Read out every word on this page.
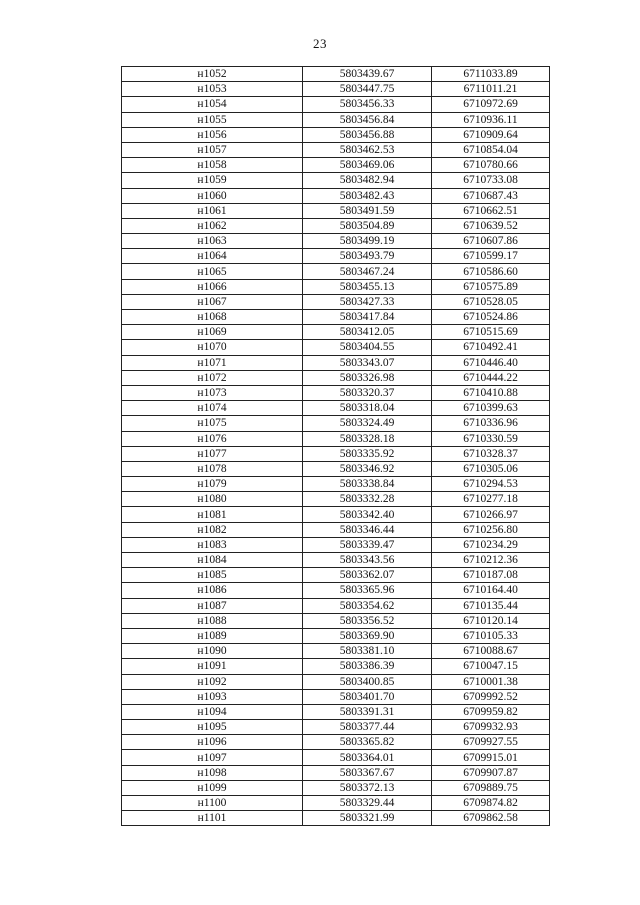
23
н1052	5803439.67	6711033.89
н1053	5803447.75	6711011.21
н1054	5803456.33	6710972.69
н1055	5803456.84	6710936.11
н1056	5803456.88	6710909.64
н1057	5803462.53	6710854.04
н1058	5803469.06	6710780.66
н1059	5803482.94	6710733.08
н1060	5803482.43	6710687.43
н1061	5803491.59	6710662.51
н1062	5803504.89	6710639.52
н1063	5803499.19	6710607.86
н1064	5803493.79	6710599.17
н1065	5803467.24	6710586.60
н1066	5803455.13	6710575.89
н1067	5803427.33	6710528.05
н1068	5803417.84	6710524.86
н1069	5803412.05	6710515.69
н1070	5803404.55	6710492.41
н1071	5803343.07	6710446.40
н1072	5803326.98	6710444.22
н1073	5803320.37	6710410.88
н1074	5803318.04	6710399.63
н1075	5803324.49	6710336.96
н1076	5803328.18	6710330.59
н1077	5803335.92	6710328.37
н1078	5803346.92	6710305.06
н1079	5803338.84	6710294.53
н1080	5803332.28	6710277.18
н1081	5803342.40	6710266.97
н1082	5803346.44	6710256.80
н1083	5803339.47	6710234.29
н1084	5803343.56	6710212.36
н1085	5803362.07	6710187.08
н1086	5803365.96	6710164.40
н1087	5803354.62	6710135.44
н1088	5803356.52	6710120.14
н1089	5803369.90	6710105.33
н1090	5803381.10	6710088.67
н1091	5803386.39	6710047.15
н1092	5803400.85	6710001.38
н1093	5803401.70	6709992.52
н1094	5803391.31	6709959.82
н1095	5803377.44	6709932.93
н1096	5803365.82	6709927.55
н1097	5803364.01	6709915.01
н1098	5803367.67	6709907.87
н1099	5803372.13	6709889.75
н1100	5803329.44	6709874.82
н1101	5803321.99	6709862.58
